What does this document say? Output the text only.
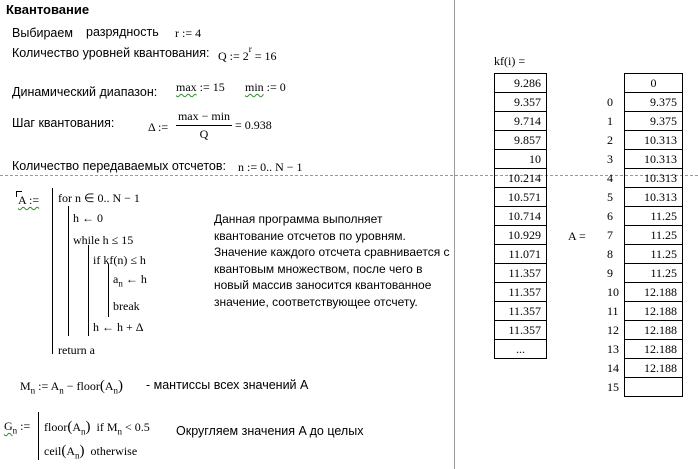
Квантование
Выбираем разрядность r := 4
Количество уровней квантования: Q := $2^r = 16$
Динамический диапазон: max := 15 min := 0
Шаг квантования:	Δ :=
max − min
Q
= 0.938
Количество передаваемых отсчетов: n := 0.. N − 1
A := for n ∈ 0.. N − 1
h ← 0
while h ≤ 15
if kf(n) ≤ h
$a_n$ ← h
break
h ← h + Δ
return a
Данная программа выполняет квантование отсчетов по уровням. Значение каждого отсчета сравнивается с квантовым множеством, после чего в новый массив заносится квантованное значение, соответствующее отсчету.
$M_n$ := $A_n$ − $floor(A_n)$ - мантиссы всех значений A
$G_n$ := $floor(A_n)$ if $M_n < 0.5$
$ceil(A_n)$ otherwise
Округляем значения A до целых
kf(i) =
9.286
9.357
9.714
9.857
10
10.214
10.571
10.714
10.929
11.071
11.357
11.357
11.357
11.357
...
A =
	0
0	9.375
1	9.375
2	10.313
3	10.313
4	10.313
5	10.313
6	11.25
7	11.25
8	11.25
9	11.25
10	12.188
11	12.188
12	12.188
13	12.188
14	12.188
15	
